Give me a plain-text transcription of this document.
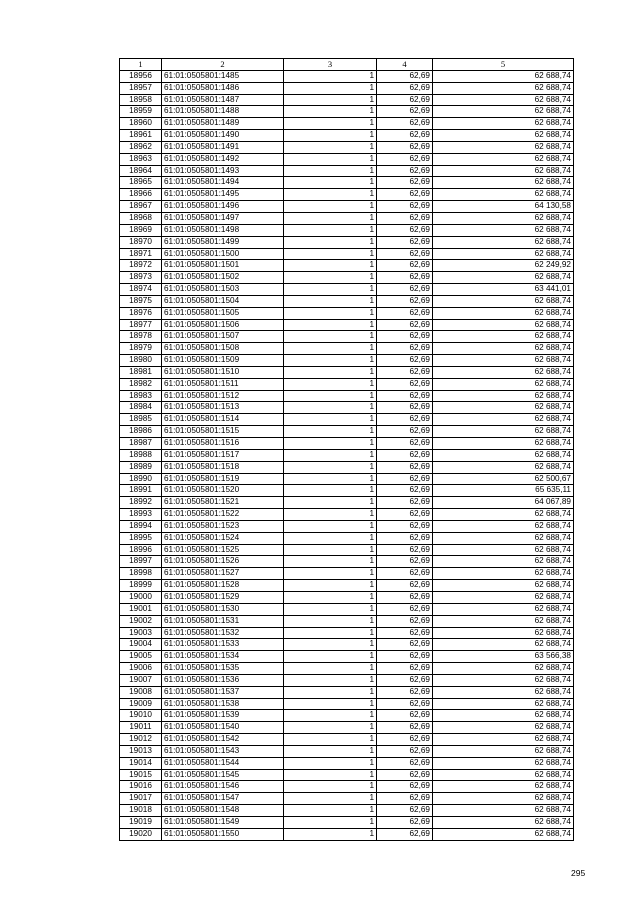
1	2	3	4	5
18956	61:01:0505801:1485	1	62,69	62 688,74
18957	61:01:0505801:1486	1	62,69	62 688,74
18958	61:01:0505801:1487	1	62,69	62 688,74
18959	61:01:0505801:1488	1	62,69	62 688,74
18960	61:01:0505801:1489	1	62,69	62 688,74
18961	61:01:0505801:1490	1	62,69	62 688,74
18962	61:01:0505801:1491	1	62,69	62 688,74
18963	61:01:0505801:1492	1	62,69	62 688,74
18964	61:01:0505801:1493	1	62,69	62 688,74
18965	61:01:0505801:1494	1	62,69	62 688,74
18966	61:01:0505801:1495	1	62,69	62 688,74
18967	61:01:0505801:1496	1	62,69	64 130,58
18968	61:01:0505801:1497	1	62,69	62 688,74
18969	61:01:0505801:1498	1	62,69	62 688,74
18970	61:01:0505801:1499	1	62,69	62 688,74
18971	61:01:0505801:1500	1	62,69	62 688,74
18972	61:01:0505801:1501	1	62,69	62 249,92
18973	61:01:0505801:1502	1	62,69	62 688,74
18974	61:01:0505801:1503	1	62,69	63 441,01
18975	61:01:0505801:1504	1	62,69	62 688,74
18976	61:01:0505801:1505	1	62,69	62 688,74
18977	61:01:0505801:1506	1	62,69	62 688,74
18978	61:01:0505801:1507	1	62,69	62 688,74
18979	61:01:0505801:1508	1	62,69	62 688,74
18980	61:01:0505801:1509	1	62,69	62 688,74
18981	61:01:0505801:1510	1	62,69	62 688,74
18982	61:01:0505801:1511	1	62,69	62 688,74
18983	61:01:0505801:1512	1	62,69	62 688,74
18984	61:01:0505801:1513	1	62,69	62 688,74
18985	61:01:0505801:1514	1	62,69	62 688,74
18986	61:01:0505801:1515	1	62,69	62 688,74
18987	61:01:0505801:1516	1	62,69	62 688,74
18988	61:01:0505801:1517	1	62,69	62 688,74
18989	61:01:0505801:1518	1	62,69	62 688,74
18990	61:01:0505801:1519	1	62,69	62 500,67
18991	61:01:0505801:1520	1	62,69	65 635,11
18992	61:01:0505801:1521	1	62,69	64 067,89
18993	61:01:0505801:1522	1	62,69	62 688,74
18994	61:01:0505801:1523	1	62,69	62 688,74
18995	61:01:0505801:1524	1	62,69	62 688,74
18996	61:01:0505801:1525	1	62,69	62 688,74
18997	61:01:0505801:1526	1	62,69	62 688,74
18998	61:01:0505801:1527	1	62,69	62 688,74
18999	61:01:0505801:1528	1	62,69	62 688,74
19000	61:01:0505801:1529	1	62,69	62 688,74
19001	61:01:0505801:1530	1	62,69	62 688,74
19002	61:01:0505801:1531	1	62,69	62 688,74
19003	61:01:0505801:1532	1	62,69	62 688,74
19004	61:01:0505801:1533	1	62,69	62 688,74
19005	61:01:0505801:1534	1	62,69	63 566,38
19006	61:01:0505801:1535	1	62,69	62 688,74
19007	61:01:0505801:1536	1	62,69	62 688,74
19008	61:01:0505801:1537	1	62,69	62 688,74
19009	61:01:0505801:1538	1	62,69	62 688,74
19010	61:01:0505801:1539	1	62,69	62 688,74
19011	61:01:0505801:1540	1	62,69	62 688,74
19012	61:01:0505801:1542	1	62,69	62 688,74
19013	61:01:0505801:1543	1	62,69	62 688,74
19014	61:01:0505801:1544	1	62,69	62 688,74
19015	61:01:0505801:1545	1	62,69	62 688,74
19016	61:01:0505801:1546	1	62,69	62 688,74
19017	61:01:0505801:1547	1	62,69	62 688,74
19018	61:01:0505801:1548	1	62,69	62 688,74
19019	61:01:0505801:1549	1	62,69	62 688,74
19020	61:01:0505801:1550	1	62,69	62 688,74
295
